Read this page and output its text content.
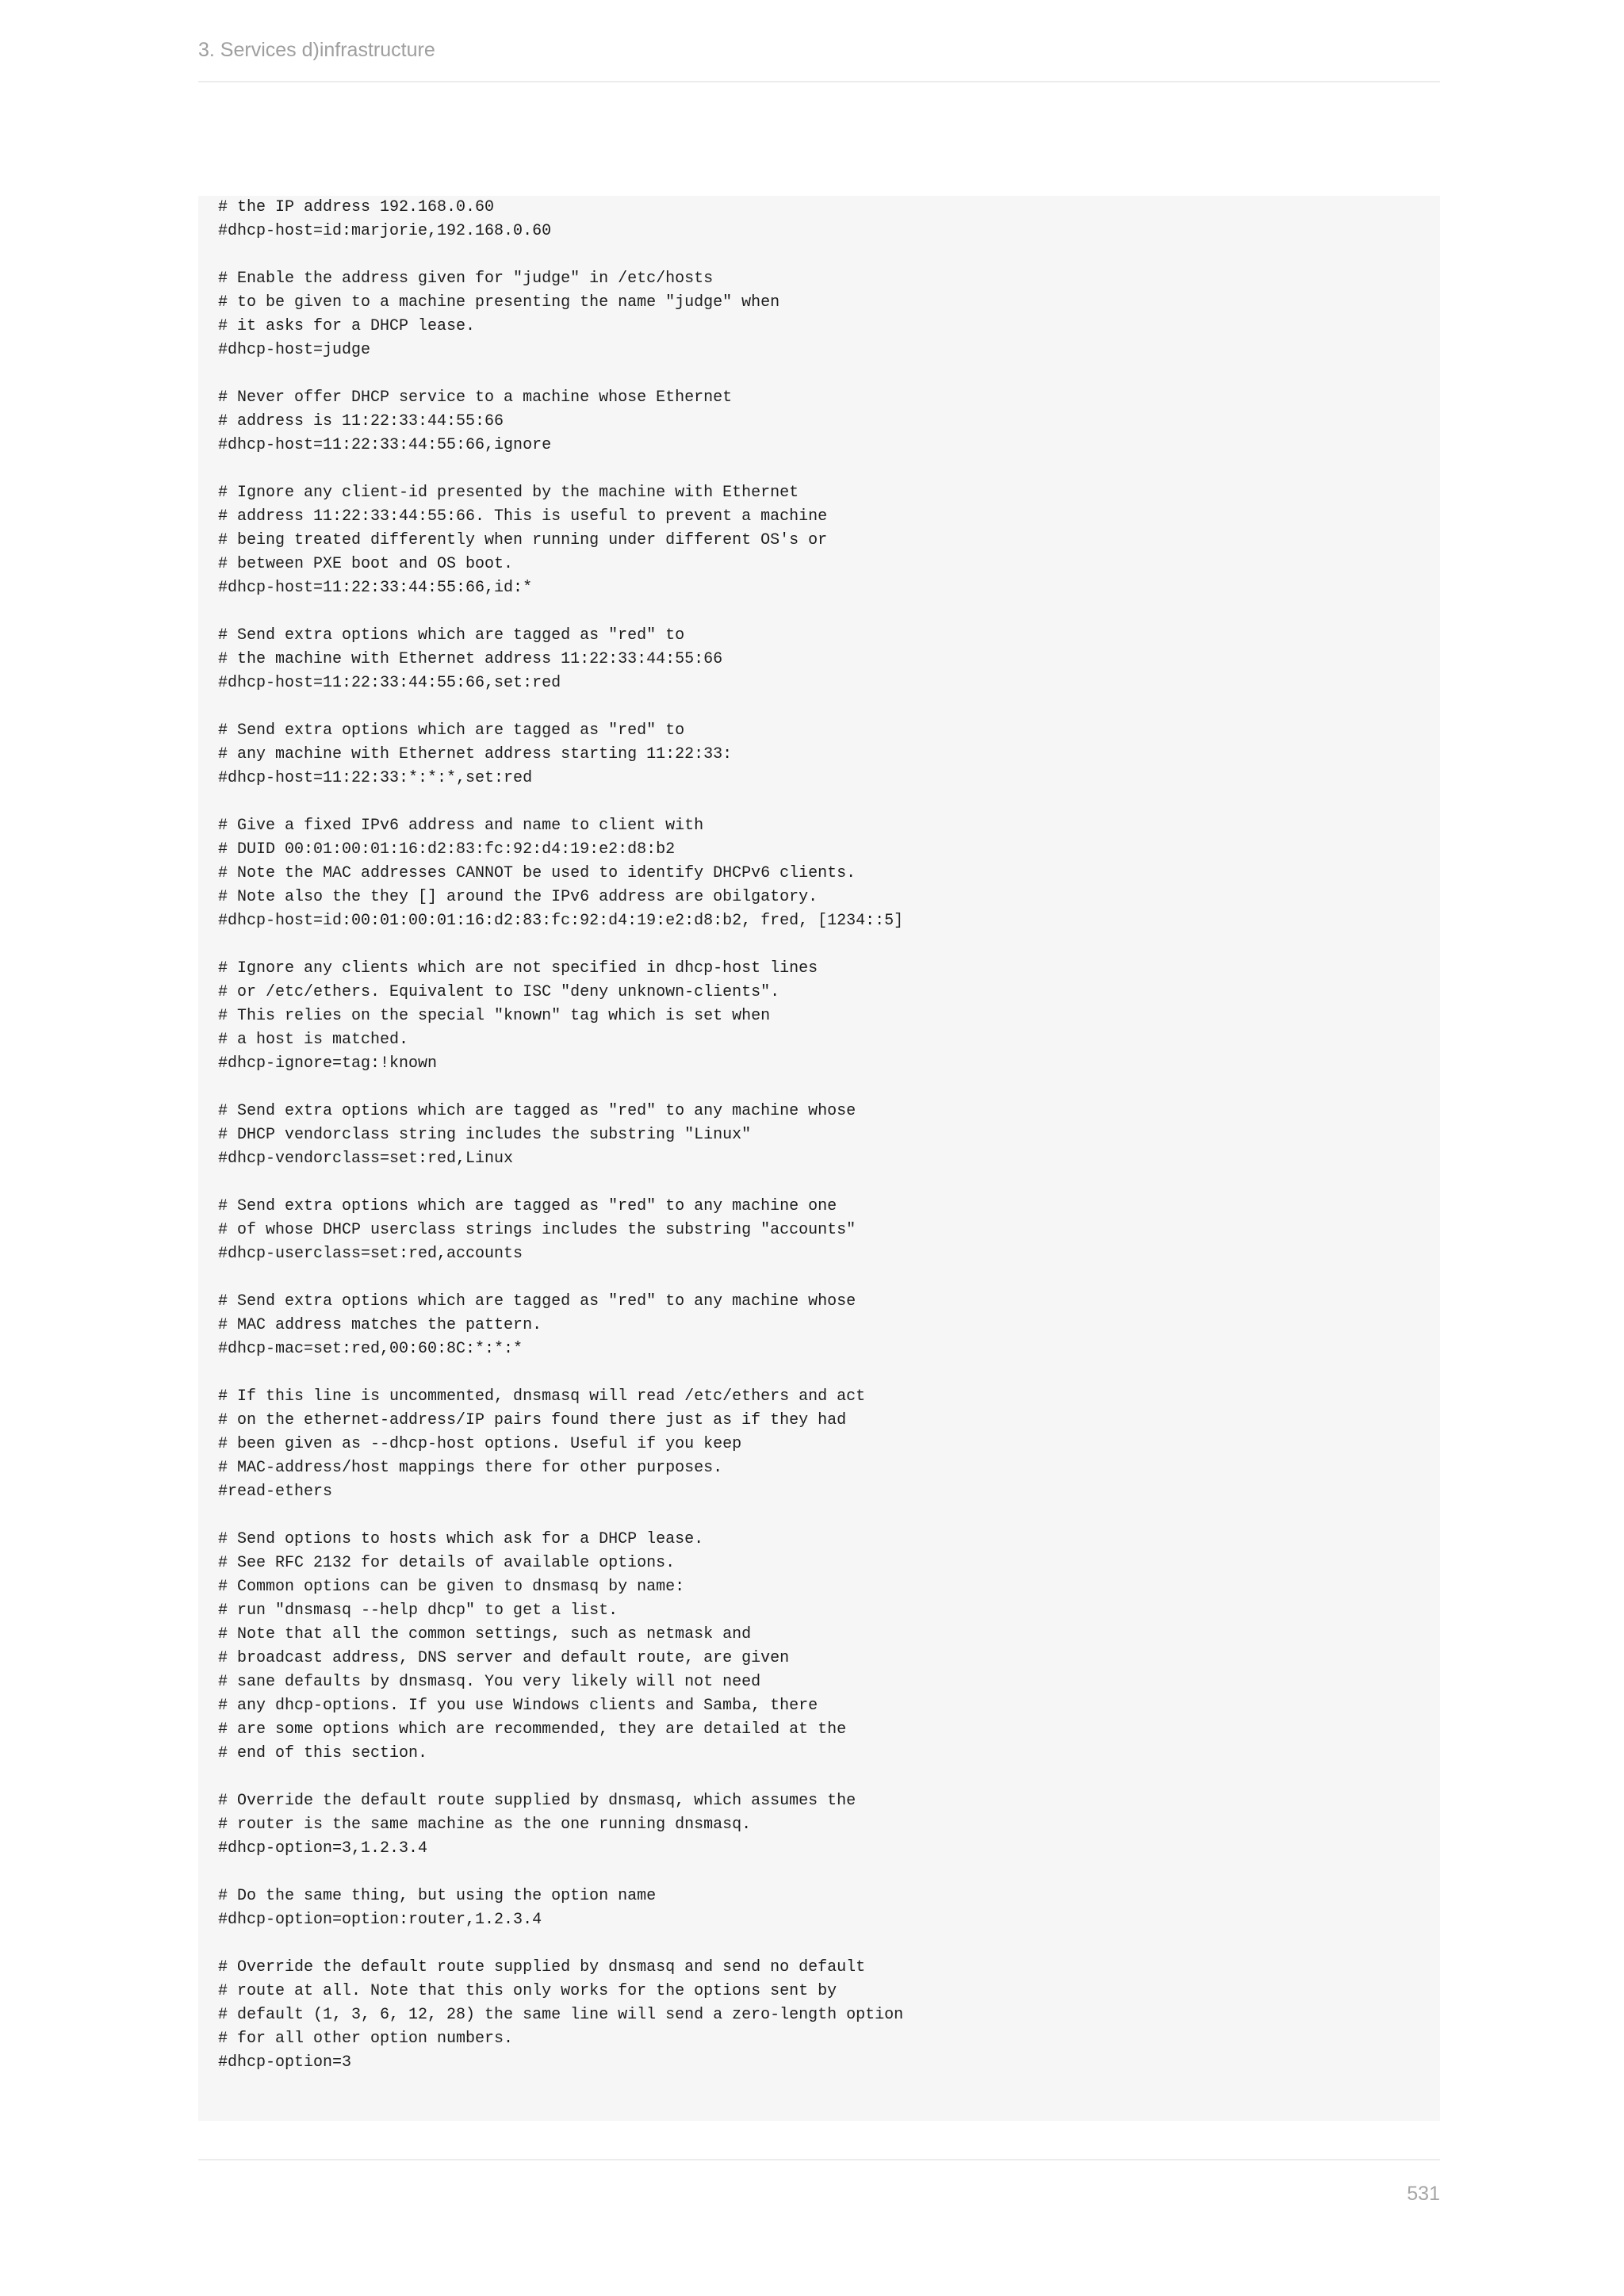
3. Services d)infrastructure
# the IP address 192.168.0.60
#dhcp-host=id:marjorie,192.168.0.60
# Enable the address given for "judge" in /etc/hosts
# to be given to a machine presenting the name "judge" when
# it asks for a DHCP lease.
#dhcp-host=judge
# Never offer DHCP service to a machine whose Ethernet
# address is 11:22:33:44:55:66
#dhcp-host=11:22:33:44:55:66,ignore
# Ignore any client-id presented by the machine with Ethernet
# address 11:22:33:44:55:66. This is useful to prevent a machine
# being treated differently when running under different OS's or
# between PXE boot and OS boot.
#dhcp-host=11:22:33:44:55:66,id:*
# Send extra options which are tagged as "red" to
# the machine with Ethernet address 11:22:33:44:55:66
#dhcp-host=11:22:33:44:55:66,set:red
# Send extra options which are tagged as "red" to
# any machine with Ethernet address starting 11:22:33:
#dhcp-host=11:22:33:*:*:*,set:red
# Give a fixed IPv6 address and name to client with
# DUID 00:01:00:01:16:d2:83:fc:92:d4:19:e2:d8:b2
# Note the MAC addresses CANNOT be used to identify DHCPv6 clients.
# Note also the they [] around the IPv6 address are obilgatory.
#dhcp-host=id:00:01:00:01:16:d2:83:fc:92:d4:19:e2:d8:b2, fred, [1234::5]
# Ignore any clients which are not specified in dhcp-host lines
# or /etc/ethers. Equivalent to ISC "deny unknown-clients".
# This relies on the special "known" tag which is set when
# a host is matched.
#dhcp-ignore=tag:!known
# Send extra options which are tagged as "red" to any machine whose
# DHCP vendorclass string includes the substring "Linux"
#dhcp-vendorclass=set:red,Linux
# Send extra options which are tagged as "red" to any machine one
# of whose DHCP userclass strings includes the substring "accounts"
#dhcp-userclass=set:red,accounts
# Send extra options which are tagged as "red" to any machine whose
# MAC address matches the pattern.
#dhcp-mac=set:red,00:60:8C:*:*:*
# If this line is uncommented, dnsmasq will read /etc/ethers and act
# on the ethernet-address/IP pairs found there just as if they had
# been given as --dhcp-host options. Useful if you keep
# MAC-address/host mappings there for other purposes.
#read-ethers
# Send options to hosts which ask for a DHCP lease.
# See RFC 2132 for details of available options.
# Common options can be given to dnsmasq by name:
# run "dnsmasq --help dhcp" to get a list.
# Note that all the common settings, such as netmask and
# broadcast address, DNS server and default route, are given
# sane defaults by dnsmasq. You very likely will not need
# any dhcp-options. If you use Windows clients and Samba, there
# are some options which are recommended, they are detailed at the
# end of this section.
# Override the default route supplied by dnsmasq, which assumes the
# router is the same machine as the one running dnsmasq.
#dhcp-option=3,1.2.3.4
# Do the same thing, but using the option name
#dhcp-option=option:router,1.2.3.4
# Override the default route supplied by dnsmasq and send no default
# route at all. Note that this only works for the options sent by
# default (1, 3, 6, 12, 28) the same line will send a zero-length option
# for all other option numbers.
#dhcp-option=3
531
